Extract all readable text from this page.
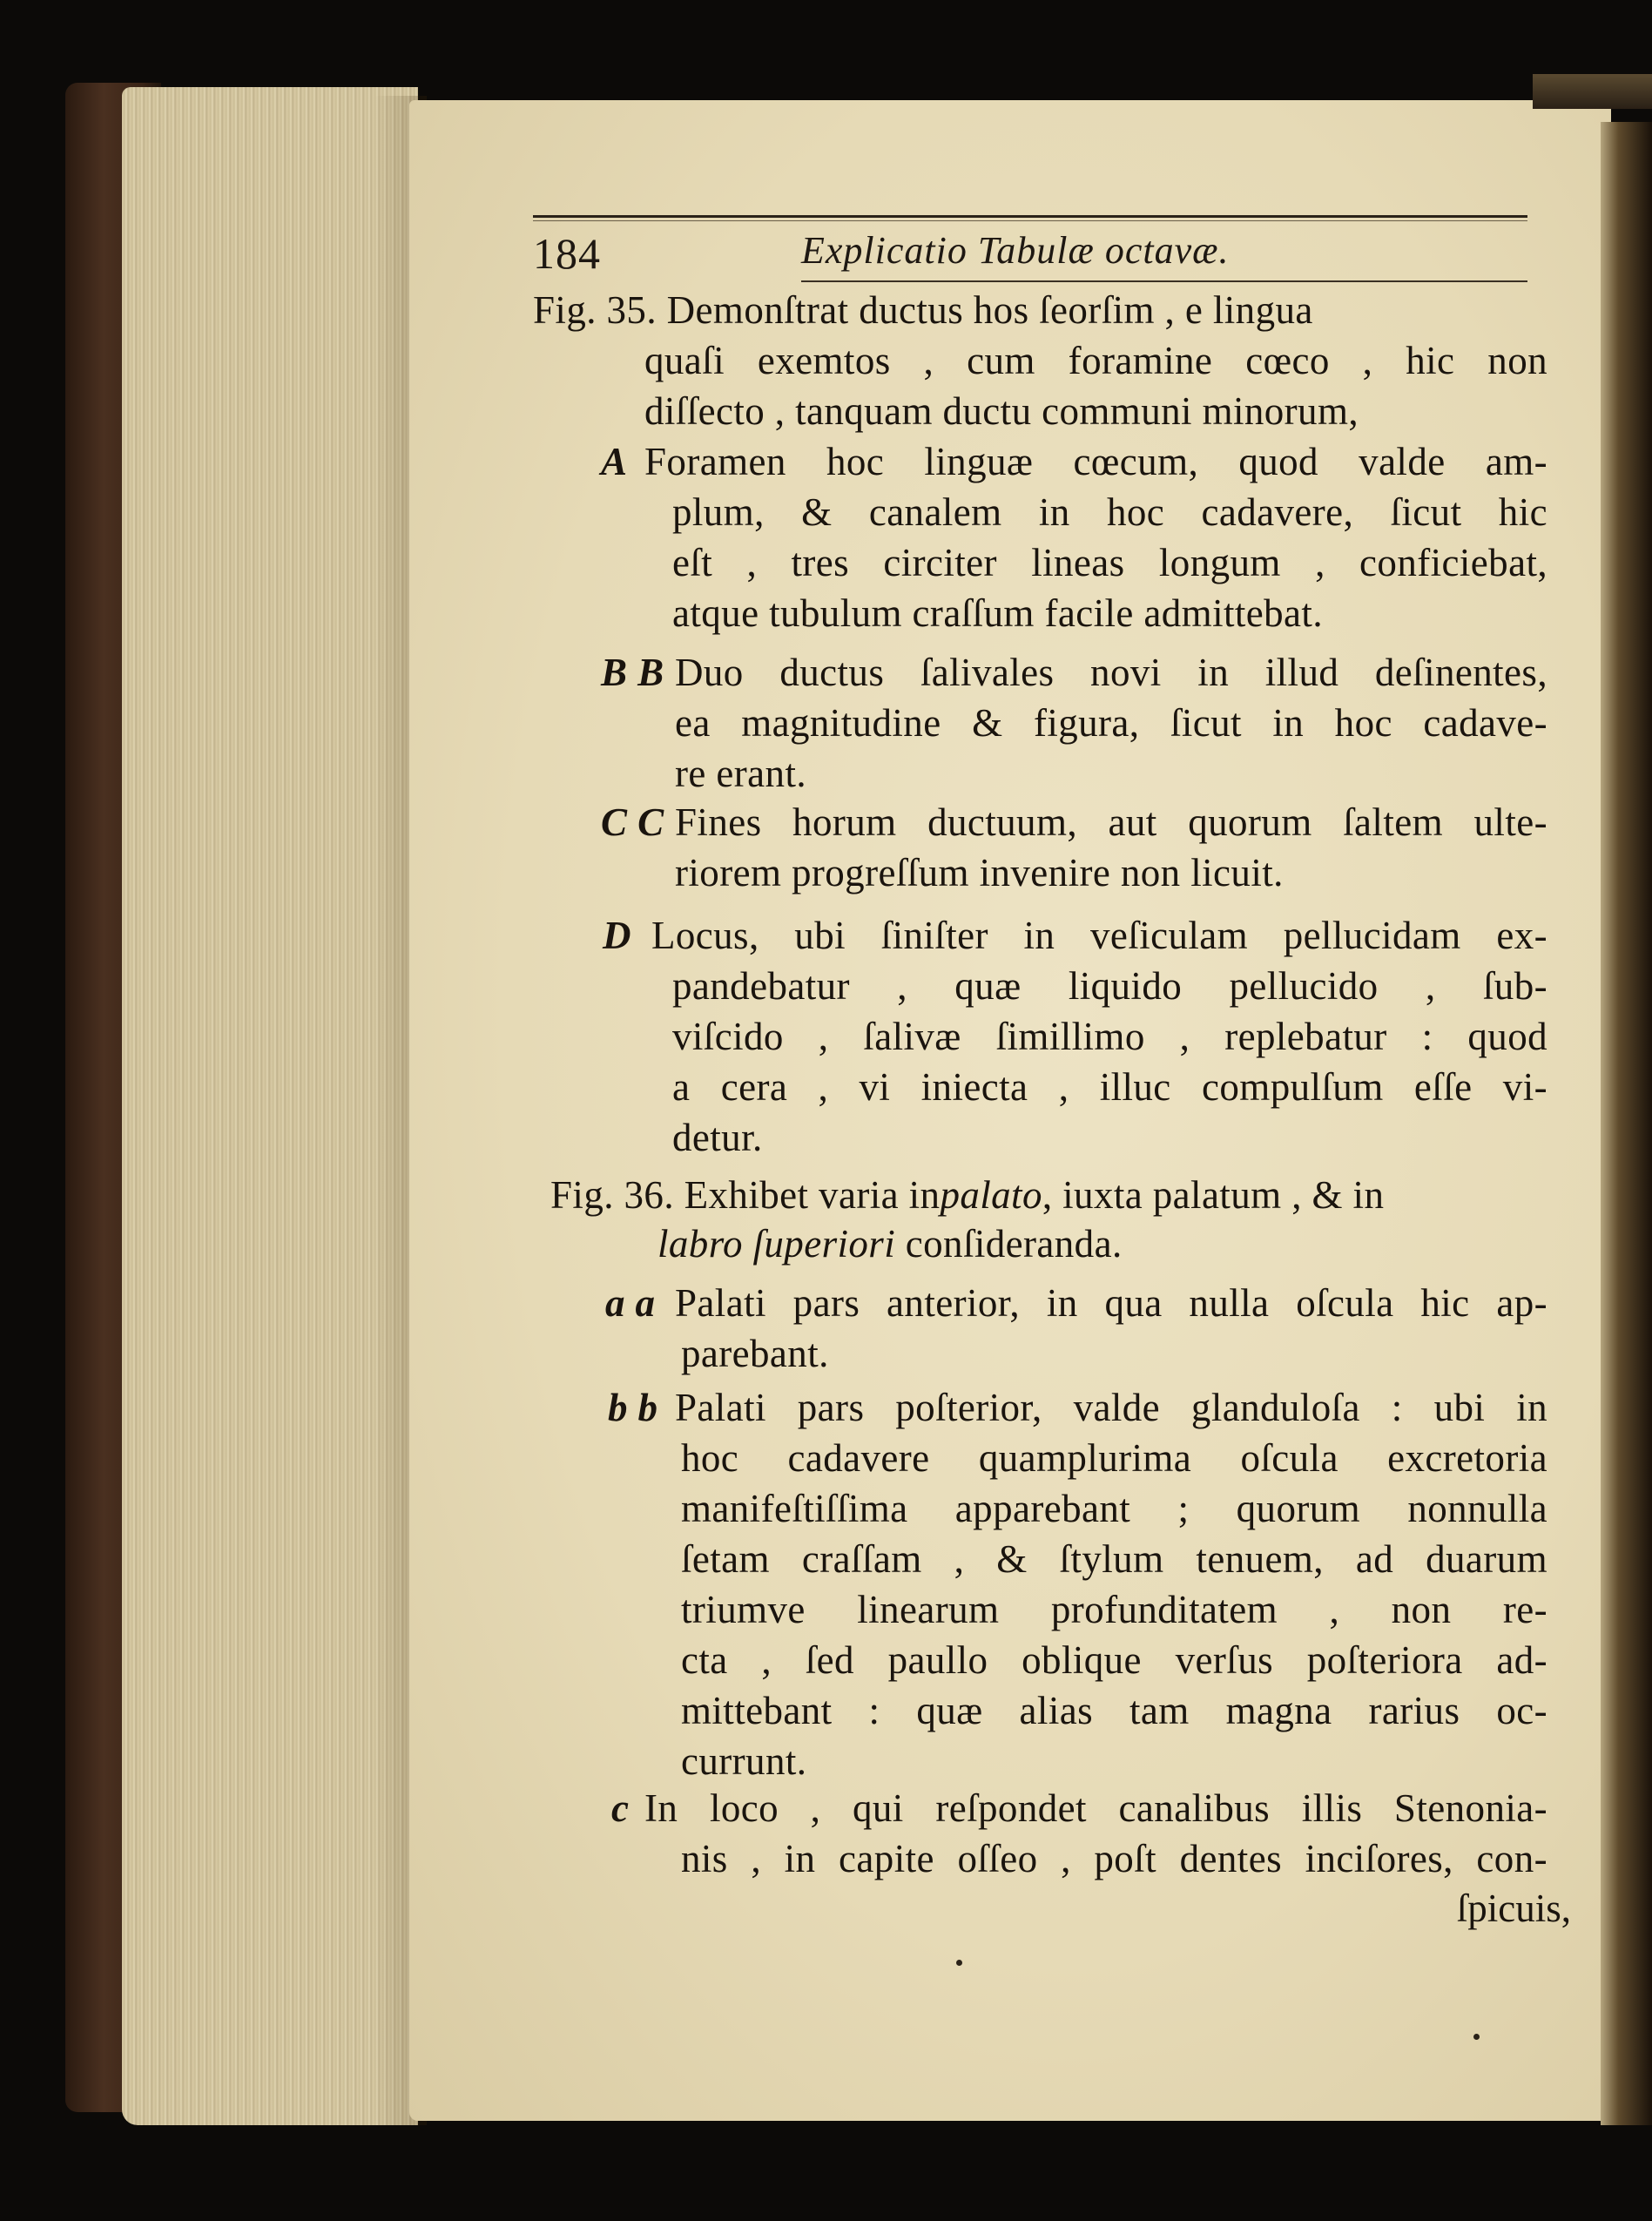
184	Explicatio Tabulæ octavæ.
Fig. 35. Demonſtrat ductus hos ſeorſim , e lingua
quaſi exemtos , cum foramine cœco , hic non
diſſecto , tanquam ductu communi minorum,
A Foramen hoc linguæ cœcum, quod valde am-
plum, & canalem in hoc cadavere, ſicut hic
eſt , tres circiter lineas longum , conficiebat,
atque tubulum craſſum facile admittebat.
B B Duo ductus ſalivales novi in illud deſinentes,
ea magnitudine & figura, ſicut in hoc cadave-
re erant.
C C Fines horum ductuum, aut quorum ſaltem ulte-
riorem progreſſum invenire non licuit.
D Locus, ubi ſiniſter in veſiculam pellucidam ex-
pandebatur , quæ liquido pellucido , ſub-
viſcido , ſalivæ ſimillimo , replebatur : quod
a cera , vi iniecta , illuc compulſum eſſe vi-
detur.
Fig. 36. Exhibet varia inpalato, iuxta palatum , & in
labro ſuperiori conſideranda.
a a Palati pars anterior, in qua nulla oſcula hic ap-
parebant.
b b Palati pars poſterior, valde glanduloſa : ubi in
hoc cadavere quamplurima oſcula excretoria
manifeſtiſſima apparebant ; quorum nonnulla
ſetam craſſam , & ſtylum tenuem, ad duarum
triumve linearum profunditatem , non re-
cta , ſed paullo oblique verſus poſteriora ad-
mittebant : quæ alias tam magna rarius oc-
currunt.
c In loco , qui reſpondet canalibus illis Stenonia-
nis , in capite oſſeo , poſt dentes inciſores, con-
ſpicuis,
